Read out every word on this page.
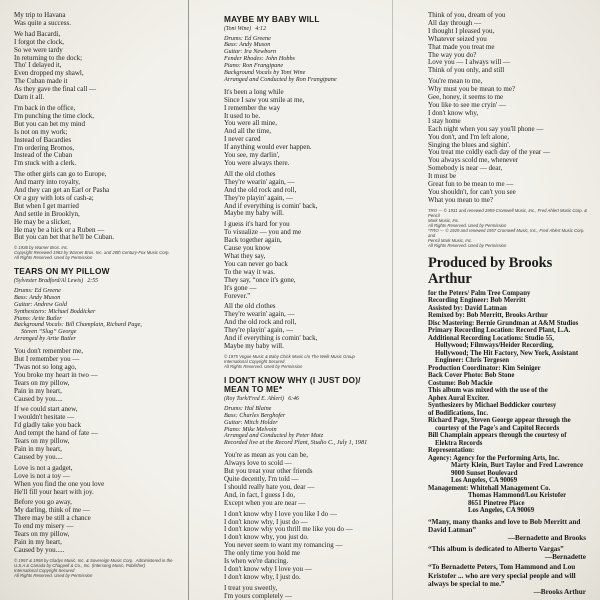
My trip to Havana
Was quite a success.
We had Bacardi,
I forgot the clock,
So we were tardy
In returning to the dock;
Tho' I delayed it,
Even dropped my shawl,
The Cuban made it
As they gave the final call —
Darn it all.
I'm back in the office,
I'm punching the time clock,
But you can bet my mind
Is not on my work;
Instead of Bacardies
I'm ordering Bromos,
Instead of the Cuban
I'm stuck with a clerk.
The other girls can go to Europe,
And marry into royalty,
And they can get an Earl or Pasha
Or a guy with lots of cash-a;
But when I get married
And settle in Brooklyn,
He may be a slicker,
He may be a hick or a Ruben —
But you can bet that he'll be Cuban.
© 1936 by Warner Bros. Inc.
Copyright Renewed 1963 by Warner Bros. Inc. and 20th Century-Fox Music Corp.
All Rights Reserved. Used by Permission
TEARS ON MY PILLOW
(Sylvester Bradford/Al Lewis)   2:55
Drums: Ed Greene
Bass: Andy Muson
Guitar: Andrew Gold
Synthesizers: Michael Boddicker
Piano: Artie Butler
Background Vocals: Bill Champlain, Richard Page,
Steven “Slug” George
Arranged by Artie Butler
You don't remember me,
But I remember you —
'Twas not so long ago,
You broke my heart in two —
Tears on my pillow,
Pain in my heart,
Caused by you....
If we could start anew,
I wouldn't hesitate —
I'd gladly take you back
And tempt the hand of fate —
Tears on my pillow,
Pain in my heart,
Caused by you....
Love is not a gadget,
Love is not a toy —
When you find the one you love
He'll fill your heart with joy.
Before you go away,
My darling, think of me —
There may be still a chance
To end my misery —
Tears on my pillow,
Pain in my heart,
Caused by you.....
© 1957 & 1958 by Gladys Music, Inc. & Sovereign Music Corp.  Administered in the
U.S.A & Canada by Chappell & Co., Inc. (Intersong Music, Publisher)
International Copyright Secured
All Rights Reserved. Used by Permission
MAYBE MY BABY WILL
(Toni Wine)   4:12
Drums: Ed Greene
Bass: Andy Muson
Guitar: Ira Newborn
Fender Rhodes: John Hobbs
Piano: Ron Frangipane
Background Vocals by Toni Wine
Arranged and Conducted by Ron Frangipane
It's been a long while
Since I saw you smile at me,
I remember the way
It used to be.
You were all mine,
And all the time,
I never cared
If anything would ever happen.
You see, my darlin',
You were always there.
All the old clothes
They're wearin' again, —
And the old rock and roll,
They're playin' again, —
And if everything is comin' back,
Maybe my baby will.
I guess it's hard for you
To visualize — you and me
Back together again,
Cause you know
What they say,
You can never go back
To the way it was.
They say, “once it's gone,
It's gone —
Forever.”
All the old clothes
They're wearin' again, —
And the old rock and roll,
They're playin' again, —
And if everything is comin' back,
Maybe my baby will.
© 1975 Vogue Music & Baby Chick Music c/o The Welk Music Group
International Copyright Secured
All Rights Reserved. Used by Permission
I DON'T KNOW WHY (I JUST DO)/
MEAN TO ME*
(Roy Turk/Fred E. Ahlert)   6:46
Drums: Hal Blaine
Bass: Charles Berghofer
Guitar: Mitch Holder
Piano: Mike Melvoin
Arranged and Conducted by Peter Matz
Recorded live at the Record Plant, Studio C., July 1, 1981
You're as mean as you can be,
Always love to scold —
But you treat your other friends
Quite decently, I'm told —
I should really hate you, dear —
And, in fact, I guess I do,
Except when you are near —
I don't know why I love you like I do —
I don't know why, I just do —
I don't know why you thrill me like you do —
I don't know why, you just do.
You never seem to want my romancing —
The only time you hold me
Is when we're dancing.
I don't know why I love you —
I don't know why, I just do.
I treat you sweetly,
I'm yours completely —
Think of you, dream of you
All day through —
I thought I pleased you,
Whatever seized you
That made you treat me
The way you do?
Love you — I always will —
Think of you only, and still
You're mean to me,
Why must you be mean to me?
Gee, honey, it seems to me
You like to see me cryin' —
I don't know why,
I stay home
Each night when you say you'll phone —
You don't, and I'm left alone,
Singing the blues and sighin'.
You treat me coldly each day of the year —
You always scold me, whenever
Somebody is near — dear,
It must be
Great fun to be mean to me —
You shouldn't, for can't you see
What you mean to me?
TRO — © 1931 and renewed 1959 Cromwell Music, Inc., Fred Ahlert Music Corp. & Pencil
Mark Music, Inc.
All Rights Reserved. Used by Permission
*TRO — © 1929 and renewed 1957 Cromwell Music, Inc., Fred Ahlert Music Corp. and
Pencil Mark Music, Inc.
All Rights Reserved. Used by Permission
Produced by Brooks Arthur
for the Peters/ Palm Tree Company
Recording Engineer: Bob Merritt
Assisted by: David Latman
Remixed by: Bob Merritt, Brooks Arthur
Disc Mastering: Bernie Grundman at A&M Studios
Primary Recording Location: Record Plant, L.A.
Additional Recording Locations: Studio 55,
Hollywood; Filmways/Heider Recording,
Hollywood; The Hit Factory, New York, Assistant
Engineer: Chris Tergesen
Production Coordinator: Kim Seiniger
Back Cover Photo: Bob Stone
Costume: Bob Mackie
This album was mixed with the use of the
Aphex Aural Exciter.
Synthesizers by Michael Boddicker courtesy
of Bodifications, Inc.
Richard Page, Steven George appear through the
courtesy of the Page's and Capitol Records
Bill Champlain appears through the courtesy of
Elektra Records
Representation:
Agency: Agency for the Performing Arts, Inc.
Marty Klein, Burt Taylor and Fred Lawrence
9000 Sunset Boulevard
Los Angeles, CA 90069
Management: Whitehall Management Co.
Thomas Hammond/Lou Kristofer
8651 Pinetree Place
Los Angeles, CA 90069
“Many, many thanks and love to Bob Merritt and
David Latman”
—Bernadette and Brooks
“This album is dedicated to Alberto Vargas”
—Bernadette
“To Bernadette Peters, Tom Hammond and Lou
Kristofer ... who are very special people and will
always be special to me.”
—Brooks Arthur
